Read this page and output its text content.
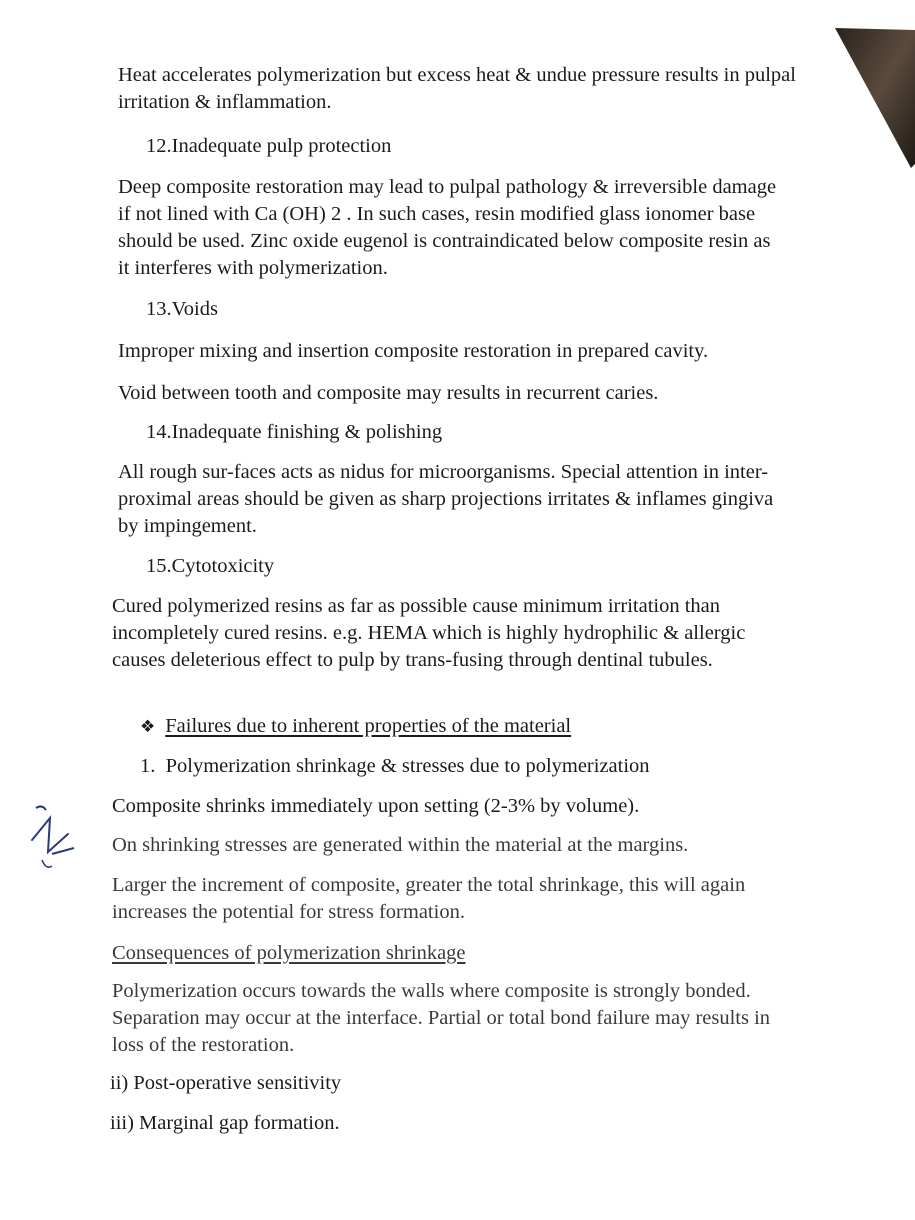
Heat accelerates polymerization but excess heat & undue pressure results in pulpal irritation & inflammation.

12.Inadequate pulp protection

Deep composite restoration may lead to pulpal pathology & irreversible damage if not lined with Ca (OH) 2 . In such cases, resin modified glass ionomer base should be used. Zinc oxide eugenol is contraindicated below composite resin as it interferes with polymerization.

13.Voids

Improper mixing and insertion composite restoration in prepared cavity.

Void between tooth and composite may results in recurrent caries.

14.Inadequate finishing & polishing

All rough sur-faces acts as nidus for microorganisms. Special attention in inter-proximal areas should be given as sharp projections irritates & inflames gingiva by impingement.

15.Cytotoxicity

Cured polymerized resins as far as possible cause minimum irritation than incompletely cured resins. e.g. HEMA which is highly hydrophilic & allergic causes deleterious effect to pulp by trans-fusing through dentinal tubules.

❖ Failures due to inherent properties of the material

1. Polymerization shrinkage & stresses due to polymerization

Composite shrinks immediately upon setting (2-3% by volume).

On shrinking stresses are generated within the material at the margins.

Larger the increment of composite, greater the total shrinkage, this will again increases the potential for stress formation.

Consequences of polymerization shrinkage

Polymerization occurs towards the walls where composite is strongly bonded. Separation may occur at the interface. Partial or total bond failure may results in loss of the restoration.

ii) Post-operative sensitivity

iii) Marginal gap formation.
